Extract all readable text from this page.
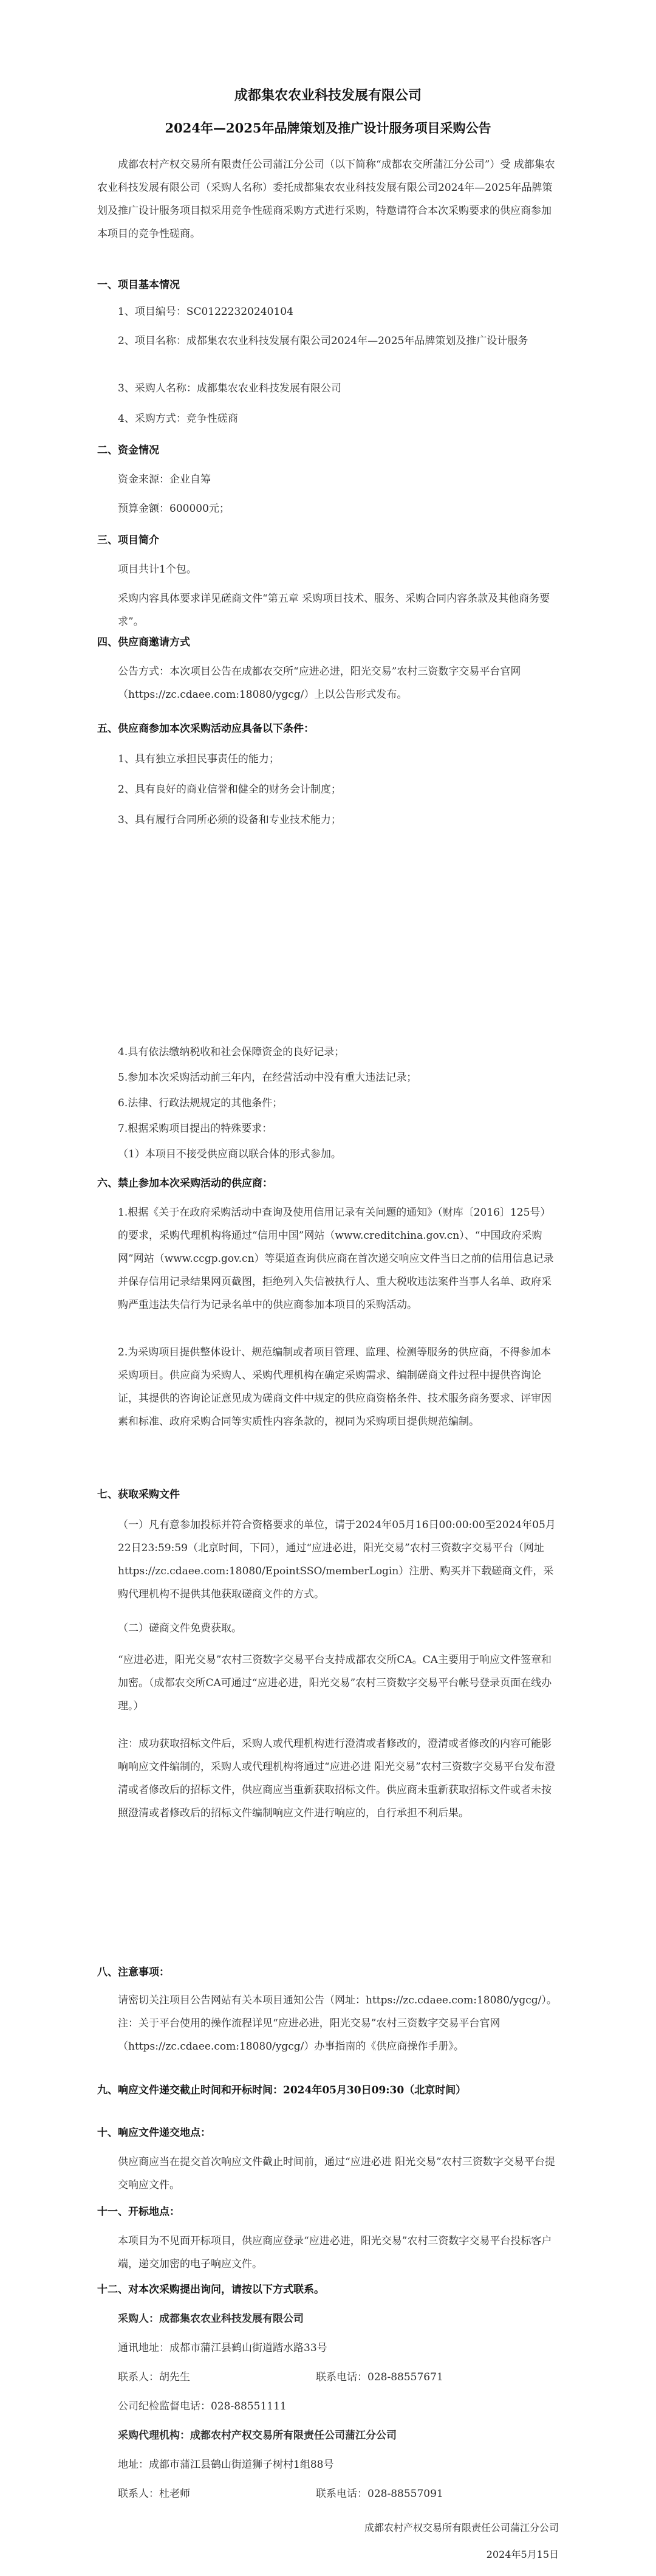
成都集农农业科技发展有限公司
2024年—2025年品牌策划及推广设计服务项目采购公告
成都农村产权交易所有限责任公司蒲江分公司（以下简称“成都农交所蒲江分公司”）受 成都集农农业科技发展有限公司（采购人名称）委托成都集农农业科技发展有限公司2024年—2025年品牌策划及推广设计服务项目拟采用竞争性磋商采购方式进行采购，特邀请符合本次采购要求的供应商参加本项目的竞争性磋商。
一、项目基本情况
1、项目编号：SC01222320240104
2、项目名称：成都集农农业科技发展有限公司2024年—2025年品牌策划及推广设计服务
3、采购人名称：成都集农农业科技发展有限公司
4、采购方式：竞争性磋商
二、资金情况
资金来源：企业自筹
预算金额：600000元；
三、项目简介
项目共计1个包。
采购内容具体要求详见磋商文件“第五章 采购项目技术、服务、采购合同内容条款及其他商务要求”。
四、供应商邀请方式
公告方式：本次项目公告在成都农交所“应进必进，阳光交易”农村三资数字交易平台官网（https://zc.cdaee.com:18080/ygcg/）上以公告形式发布。
五、供应商参加本次采购活动应具备以下条件：
1、具有独立承担民事责任的能力；
2、具有良好的商业信誉和健全的财务会计制度；
3、具有履行合同所必须的设备和专业技术能力；
4.具有依法缴纳税收和社会保障资金的良好记录；
5.参加本次采购活动前三年内，在经营活动中没有重大违法记录；
6.法律、行政法规规定的其他条件；
7.根据采购项目提出的特殊要求：
（1）本项目不接受供应商以联合体的形式参加。
六、禁止参加本次采购活动的供应商：
1.根据《关于在政府采购活动中查询及使用信用记录有关问题的通知》（财库〔2016〕125号）的要求，采购代理机构将通过“信用中国”网站（www.creditchina.gov.cn）、“中国政府采购网”网站（www.ccgp.gov.cn）等渠道查询供应商在首次递交响应文件当日之前的信用信息记录并保存信用记录结果网页截图，拒绝列入失信被执行人、重大税收违法案件当事人名单、政府采购严重违法失信行为记录名单中的供应商参加本项目的采购活动。
2.为采购项目提供整体设计、规范编制或者项目管理、监理、检测等服务的供应商，不得参加本采购项目。供应商为采购人、采购代理机构在确定采购需求、编制磋商文件过程中提供咨询论证，其提供的咨询论证意见成为磋商文件中规定的供应商资格条件、技术服务商务要求、评审因素和标准、政府采购合同等实质性内容条款的，视同为采购项目提供规范编制。
七、获取采购文件
（一）凡有意参加投标并符合资格要求的单位，请于2024年05月16日00:00:00至2024年05月22日23:59:59（北京时间，下同），通过“应进必进，阳光交易”农村三资数字交易平台（网址https://zc.cdaee.com:18080/EpointSSO/memberLogin）注册、购买并下载磋商文件，采购代理机构不提供其他获取磋商文件的方式。
（二）磋商文件免费获取。
“应进必进，阳光交易”农村三资数字交易平台支持成都农交所CA。CA主要用于响应文件签章和加密。（成都农交所CA可通过“应进必进，阳光交易”农村三资数字交易平台帐号登录页面在线办理。）
注：成功获取招标文件后，采购人或代理机构进行澄清或者修改的，澄清或者修改的内容可能影响响应文件编制的，采购人或代理机构将通过“应进必进 阳光交易”农村三资数字交易平台发布澄清或者修改后的招标文件，供应商应当重新获取招标文件。供应商未重新获取招标文件或者未按照澄清或者修改后的招标文件编制响应文件进行响应的，自行承担不利后果。
八、注意事项：
请密切关注项目公告网站有关本项目通知公告（网址：https://zc.cdaee.com:18080/ygcg/）。 注：关于平台使用的操作流程详见“应进必进，阳光交易”农村三资数字交易平台官网（https://zc.cdaee.com:18080/ygcg/）办事指南的《供应商操作手册》。
九、响应文件递交截止时间和开标时间：2024年05月30日09:30（北京时间）
十、响应文件递交地点：
供应商应当在提交首次响应文件截止时间前，通过“应进必进 阳光交易”农村三资数字交易平台提交响应文件。
十一、开标地点：
本项目为不见面开标项目，供应商应登录“应进必进，阳光交易”农村三资数字交易平台投标客户端，递交加密的电子响应文件。
十二、对本次采购提出询问，请按以下方式联系。
采购人：成都集农农业科技发展有限公司
通讯地址：成都市蒲江县鹤山街道踏水路33号
联系人：胡先生	联系电话：028-88557671
公司纪检监督电话：028-88551111
采购代理机构：成都农村产权交易所有限责任公司蒲江分公司
地址：成都市蒲江县鹤山街道狮子树村1组88号
联系人：杜老师	联系电话：028-88557091
成都农村产权交易所有限责任公司蒲江分公司
2024年5月15日
